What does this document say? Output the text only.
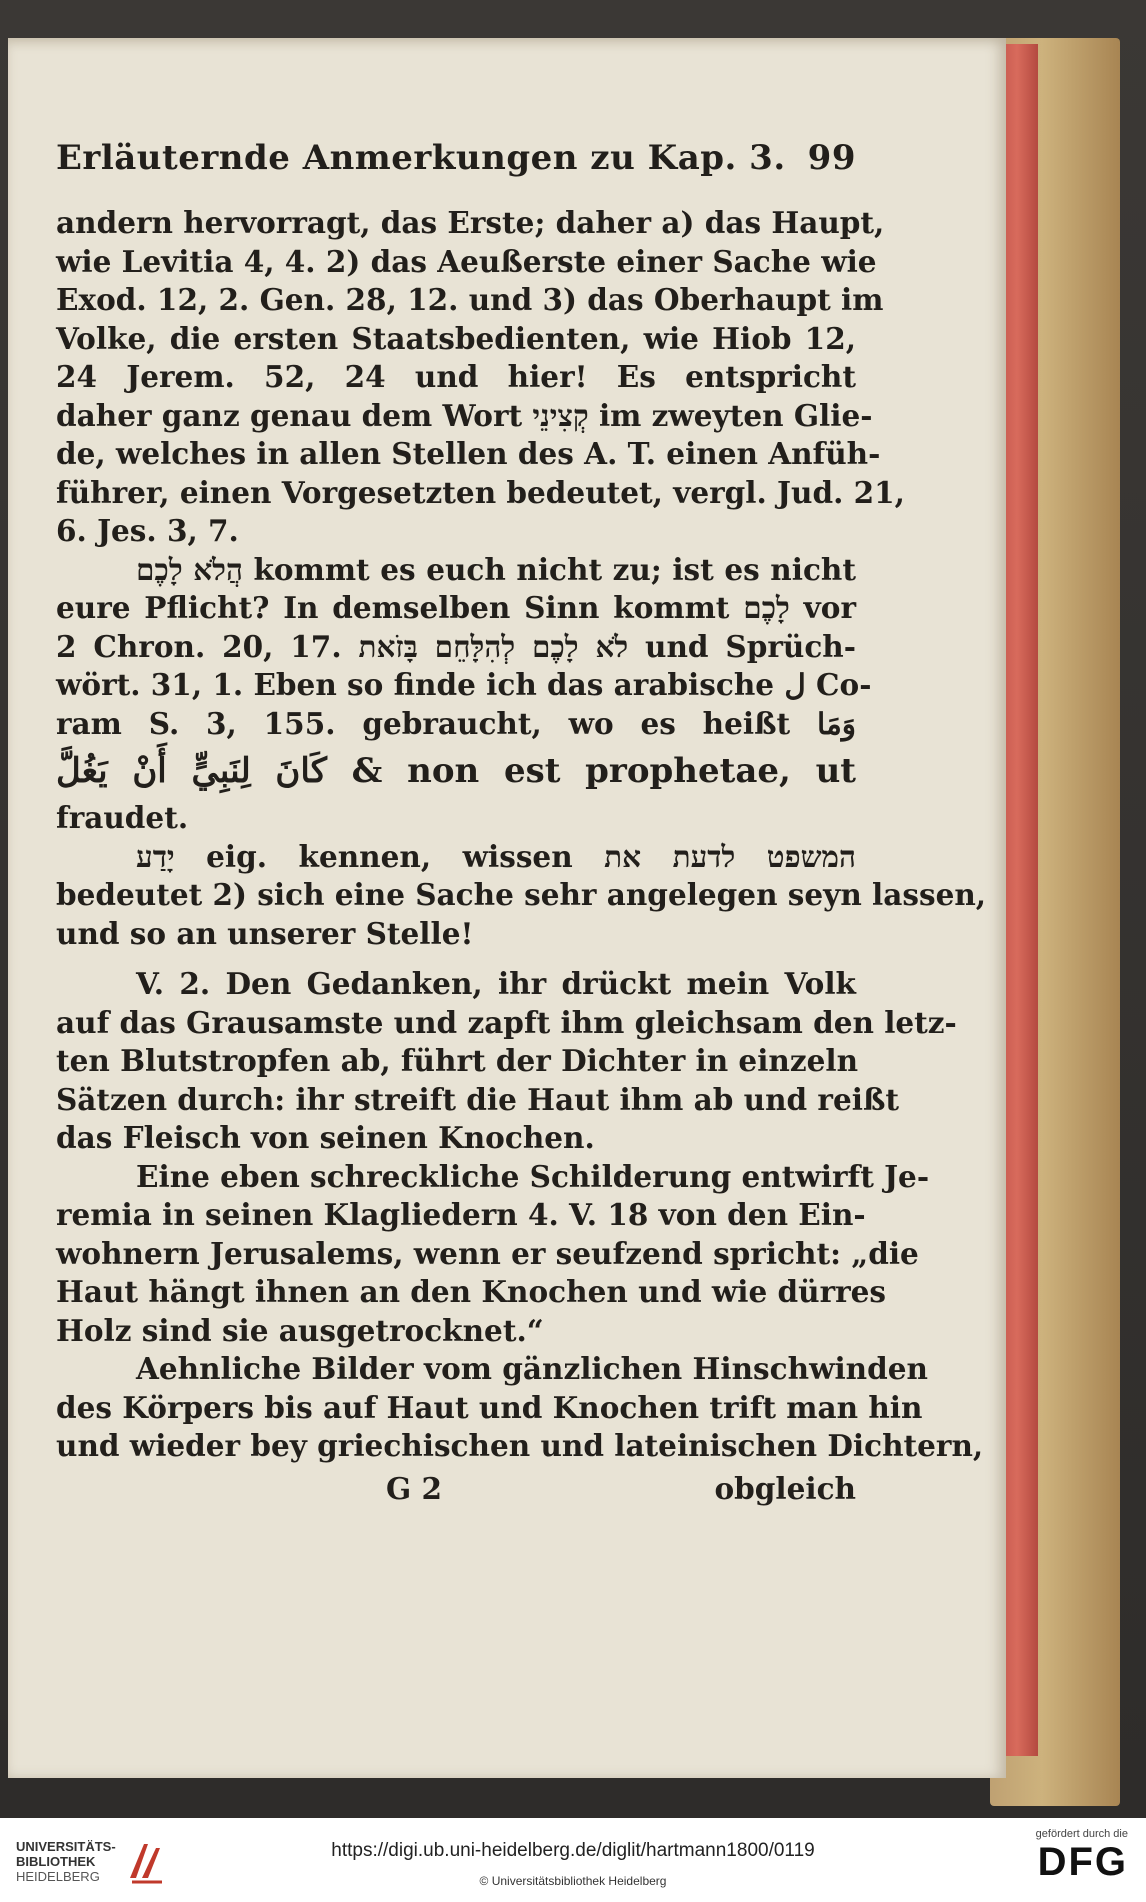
Erläuternde Anmerkungen zu Kap. 3. 99
andern hervorragt, das Erste; daher a) das Haupt,
wie Levitia 4, 4. 2) das Aeußerste einer Sache wie
Exod. 12, 2. Gen. 28, 12. und 3) das Oberhaupt im
Volke, die ersten Staatsbedienten, wie Hiob 12,
24 Jerem. 52, 24 und hier! Es entspricht
daher ganz genau dem Wort קְצִינֵי im zweyten Glie-
de, welches in allen Stellen des A. T. einen Anfüh-
führer, einen Vorgesetzten bedeutet, vergl. Jud. 21,
6. Jes. 3, 7.
הֲלֹא לָכֶם kommt es euch nicht zu; ist es nicht
eure Pflicht? In demselben Sinn kommt לָכֶם vor
2 Chron. 20, 17. לֹא לָכֶם לְהִלָּחֵם בָּזֹאת und Sprüch-
wört. 31, 1. Eben so finde ich das arabische ل Co-
ram S. 3, 155. gebraucht, wo es heißt وَمَا
كَانَ لِنَبِيٍّ أَنْ يَغُلَّ & non est prophetae, ut
fraudet.
יָדַע eig. kennen, wissen המשפט לדעת את
bedeutet 2) sich eine Sache sehr angelegen seyn lassen,
und so an unserer Stelle!
V. 2. Den Gedanken, ihr drückt mein Volk
auf das Grausamste und zapft ihm gleichsam den letz-
ten Blutstropfen ab, führt der Dichter in einzeln
Sätzen durch: ihr streift die Haut ihm ab und reißt
das Fleisch von seinen Knochen.
Eine eben schreckliche Schilderung entwirft Je-
remia in seinen Klagliedern 4. V. 18 von den Ein-
wohnern Jerusalems, wenn er seufzend spricht: „die
Haut hängt ihnen an den Knochen und wie dürres
Holz sind sie ausgetrocknet.“
Aehnliche Bilder vom gänzlichen Hinschwinden
des Körpers bis auf Haut und Knochen trift man hin
und wieder bey griechischen und lateinischen Dichtern,
G 2	obgleich
UNIVERSITÄTS-
BIBLIOTHEK
HEIDELBERG
https://digi.ub.uni-heidelberg.de/diglit/hartmann1800/0119
© Universitätsbibliothek Heidelberg
gefördert durch die
DFG
